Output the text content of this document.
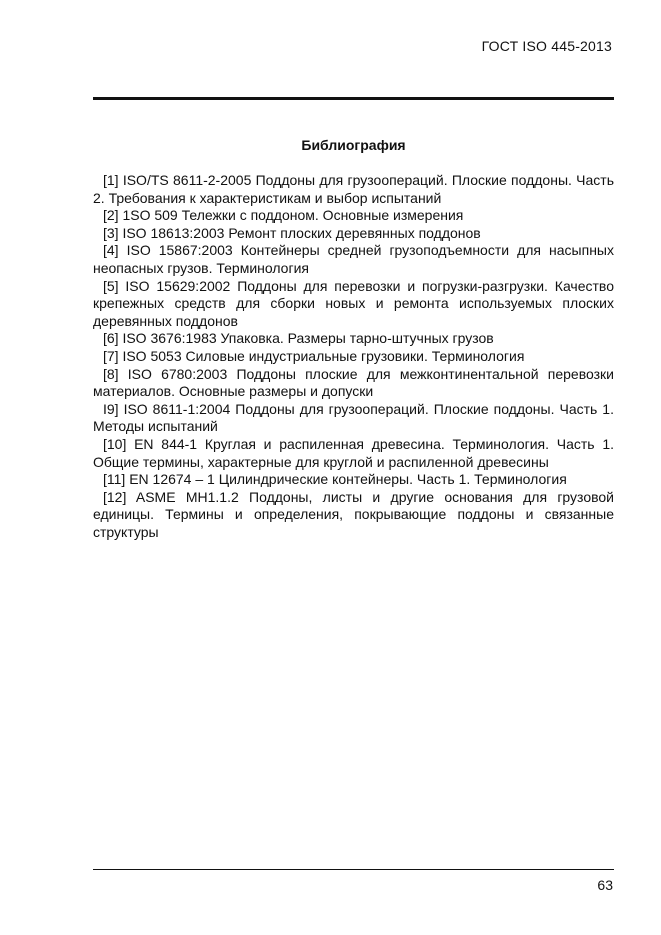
ГОСТ ISO 445-2013
Библиография

[1] ISO/TS 8611-2-2005 Поддоны для грузоопераций. Плоские поддоны. Часть 2. Требования к характеристикам и выбор испытаний

[2] 1SO 509 Тележки с поддоном. Основные измерения

[3] ISO 18613:2003 Ремонт плоских деревянных поддонов

[4] ISO 15867:2003 Контейнеры средней грузоподъемности для насыпных неопасных грузов. Терминология

[5] ISO 15629:2002 Поддоны для перевозки и погрузки-разгрузки. Качество крепежных средств для сборки новых и ремонта используемых плоских деревянных поддонов

[6] ISO 3676:1983 Упаковка. Размеры тарно-штучных грузов

[7] ISO 5053 Силовые индустриальные грузовики. Терминология

[8] ISO 6780:2003 Поддоны плоские для межконтинентальной перевозки материалов. Основные размеры и допуски

I9] ISO 8611-1:2004 Поддоны для грузоопераций. Плоские поддоны. Часть 1. Методы испытаний

[10] EN 844-1 Круглая и распиленная древесина. Терминология. Часть 1. Общие термины, характерные для круглой и распиленной древесины

[11] EN 12674 – 1 Цилиндрические контейнеры. Часть 1. Терминология

[12] ASME MH1.1.2 Поддоны, листы и другие основания для грузовой единицы. Термины и определения, покрывающие поддоны и связанные структуры

63
